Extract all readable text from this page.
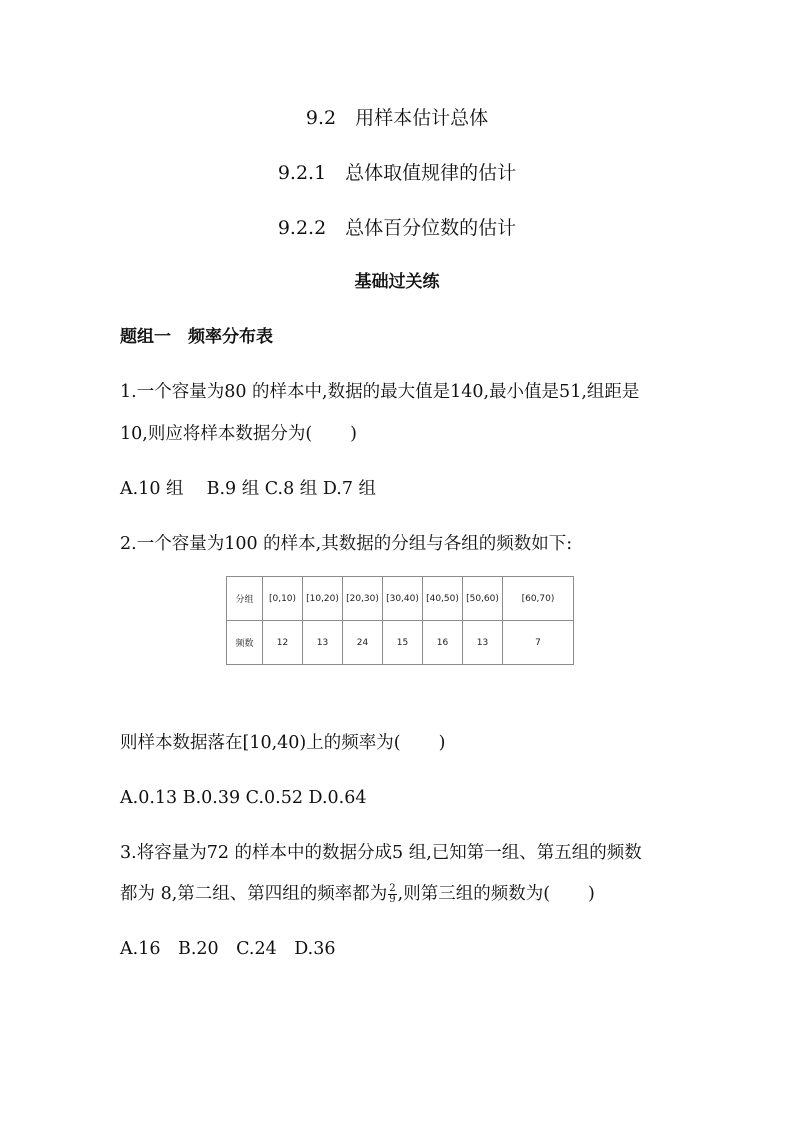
9.2　用样本估计总体
9.2.1　总体取值规律的估计
9.2.2　总体百分位数的估计
基础过关练
题组一　频率分布表
1.一个容量为80 的样本中,数据的最大值是140,最小值是51,组距是
10,则应将样本数据分为( )
A.10 组　 B.9 组 C.8 组 D.7 组
2.一个容量为100 的样本,其数据的分组与各组的频数如下:
分组	[0,10)	[10,20)	[20,30)	[30,40)	[40,50)	[50,60)	[60,70)
频数	12	13	24	15	16	13	7
则样本数据落在[10,40)上的频率为( )
A.0.13 B.0.39 C.0.52 D.0.64
3.将容量为72 的样本中的数据分成5 组,已知第一组、第五组的频数
都为 8,第二组、第四组的频率都为 $\frac{2}{9}$ ,则第三组的频数为( )
A.16　B.20　C.24　D.36
